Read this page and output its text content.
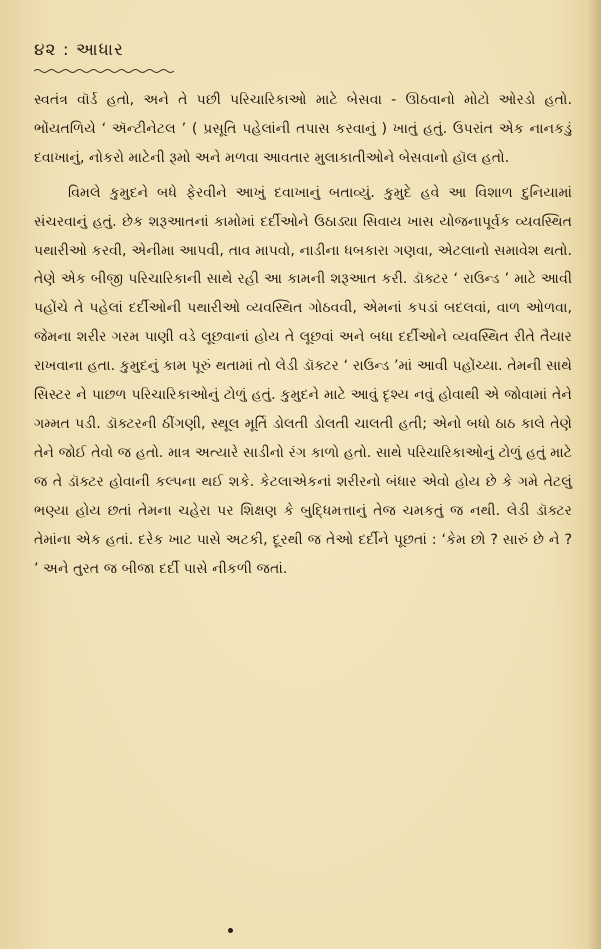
૪૨ : આધાર

સ્વતંત્ર વૉર્ડ હતો, અને તે પછી પરિચારિકાઓ માટે બેસવા - ઊઠવાનો મોટો ઓરડો હતો. ભોંયતળિયે ‘ ઍન્ટીનેટલ ’ ( પ્રસૂતિ પહેલાંની તપાસ કરવાનું ) ખાતું હતું. ઉપરાંત એક નાનકડું દવાખાનું, નોકરો માટેની રૂમો અને મળવા આવતાર મુલાકાતીઓને બેસવાનો હૉલ હતો.

વિમલે કુમુદને બધે ફેરવીને આખું દવાખાનું બતાવ્યું. કુમુદે હવે આ વિશાળ દુનિયામાં સંચરવાનું હતું. છેક શરૂઆતનાં કામોમાં દર્દીઓને ઉઠાડ્યા સિવાય ખાસ યોજનાપૂર્વક વ્યવસ્થિત પથારીઓ કરવી, એનીમા આપવી, તાવ માપવો, નાડીના ધબકારા ગણવા, એટલાનો સમાવેશ થતો. તેણે એક બીજી પરિચારિકાની સાથે રહી આ કામની શરૂઆત કરી. ડૉક્ટર ‘ રાઉન્ડ ’ માટે આવી પહોંચે તે પહેલાં દર્દીઓની પથારીઓ વ્યવસ્થિત ગોઠવવી, એમનાં કપડાં બદલવાં, વાળ ઓળવા, જેમના શરીર ગરમ પાણી વડે લૂછવાનાં હોય તે લૂછવાં અને બધા દર્દીઓને વ્યવસ્થિત રીતે તૈયાર રાખવાના હતા. કુમુદનું કામ પૂરું થતામાં તો લેડી ડૉક્ટર ‘ રાઉન્ડ ’માં આવી પહોંચ્યા. તેમની સાથે સિસ્ટર ને પાછળ પરિચારિકાઓનું ટોળું હતું. કુમુદને માટે આવું દૃશ્ય નવું હોવાથી એ જોવામાં તેને ગમ્મત પડી. ડૉક્ટરની ઠીંગણી, સ્થૂલ મૂર્તિ ડોલતી ડોલતી ચાલતી હતી; એનો બધો ઠાઠ કાલે તેણે તેને જોઈ તેવો જ હતો. માત્ર અત્યારે સાડીનો રંગ કાળો હતો. સાથે પરિચારિકાઓનું ટોળું હતું માટે જ તે ડૉક્ટર હોવાની કલ્પના થઈ શકે. કેટલાએકનાં શરીરનો બંધાર એવો હોય છે કે ગમે તેટલું ભણ્યા હોય છતાં તેમના ચહેરા પર શિક્ષણ કે બુદ્ધિમત્તાનું તેજ ચમકતું જ નથી. લેડી ડૉક્ટર તેમાંના એક હતાં. દરેક ખાટ પાસે અટકી, દૂરથી જ તેઓ દર્દીને પૂછતાં : ‘કેમ છો ? સારું છે ને ? ’ અને તુરત જ બીજા દર્દી પાસે નીકળી જતાં.
